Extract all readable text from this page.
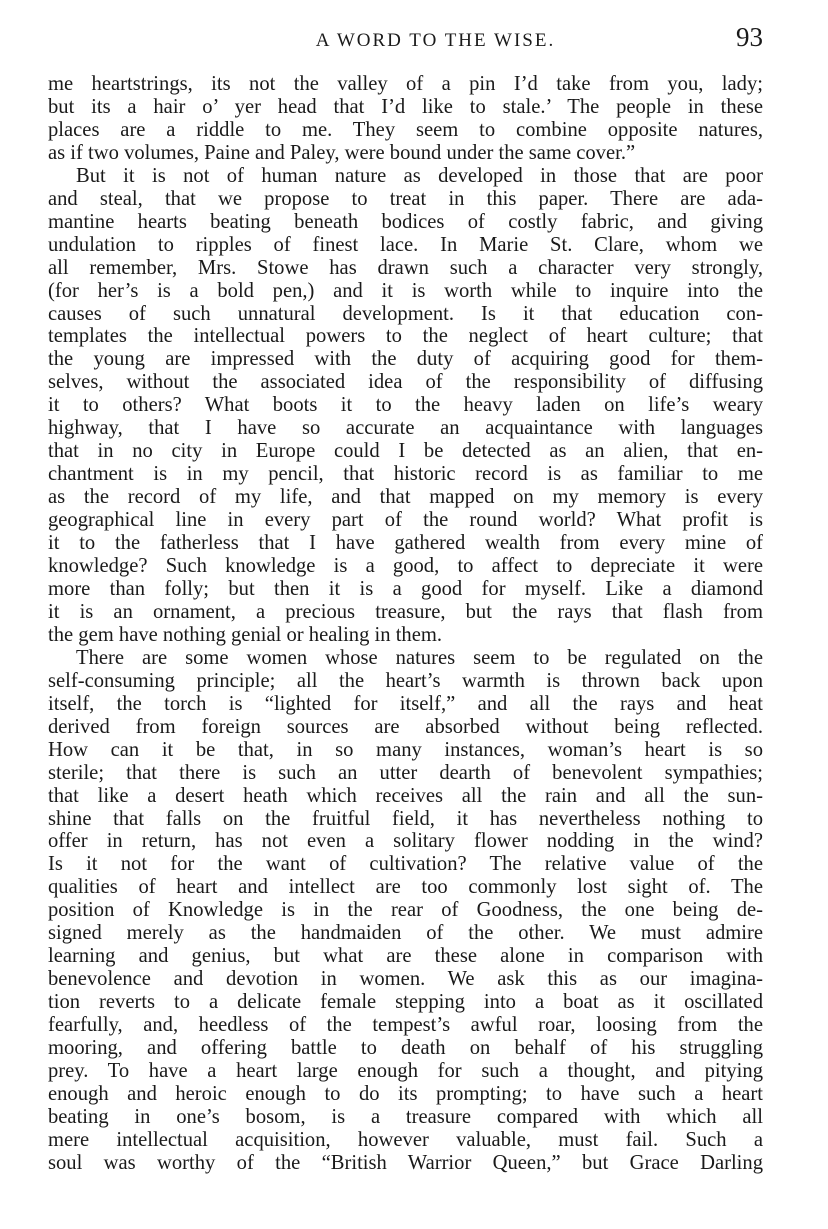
A WORD TO THE WISE.	93
me heartstrings, its not the valley of a pin I’d take from you, lady;
but its a hair o’ yer head that I’d like to stale.’ The people in these
places are a riddle to me. They seem to combine opposite natures,
as if two volumes, Paine and Paley, were bound under the same cover.”
But it is not of human nature as developed in those that are poor
and steal, that we propose to treat in this paper. There are ada-
mantine hearts beating beneath bodices of costly fabric, and giving
undulation to ripples of finest lace. In Marie St. Clare, whom we
all remember, Mrs. Stowe has drawn such a character very strongly,
(for her’s is a bold pen,) and it is worth while to inquire into the
causes of such unnatural development. Is it that education con-
templates the intellectual powers to the neglect of heart culture; that
the young are impressed with the duty of acquiring good for them-
selves, without the associated idea of the responsibility of diffusing
it to others? What boots it to the heavy laden on life’s weary
highway, that I have so accurate an acquaintance with languages
that in no city in Europe could I be detected as an alien, that en-
chantment is in my pencil, that historic record is as familiar to me
as the record of my life, and that mapped on my memory is every
geographical line in every part of the round world? What profit is
it to the fatherless that I have gathered wealth from every mine of
knowledge? Such knowledge is a good, to affect to depreciate it were
more than folly; but then it is a good for myself. Like a diamond
it is an ornament, a precious treasure, but the rays that flash from
the gem have nothing genial or healing in them.
There are some women whose natures seem to be regulated on the
self-consuming principle; all the heart’s warmth is thrown back upon
itself, the torch is “lighted for itself,” and all the rays and heat
derived from foreign sources are absorbed without being reflected.
How can it be that, in so many instances, woman’s heart is so
sterile; that there is such an utter dearth of benevolent sympathies;
that like a desert heath which receives all the rain and all the sun-
shine that falls on the fruitful field, it has nevertheless nothing to
offer in return, has not even a solitary flower nodding in the wind?
Is it not for the want of cultivation? The relative value of the
qualities of heart and intellect are too commonly lost sight of. The
position of Knowledge is in the rear of Goodness, the one being de-
signed merely as the handmaiden of the other. We must admire
learning and genius, but what are these alone in comparison with
benevolence and devotion in women. We ask this as our imagina-
tion reverts to a delicate female stepping into a boat as it oscillated
fearfully, and, heedless of the tempest’s awful roar, loosing from the
mooring, and offering battle to death on behalf of his struggling
prey. To have a heart large enough for such a thought, and pitying
enough and heroic enough to do its prompting; to have such a heart
beating in one’s bosom, is a treasure compared with which all
mere intellectual acquisition, however valuable, must fail. Such a
soul was worthy of the “British Warrior Queen,” but Grace Darling
